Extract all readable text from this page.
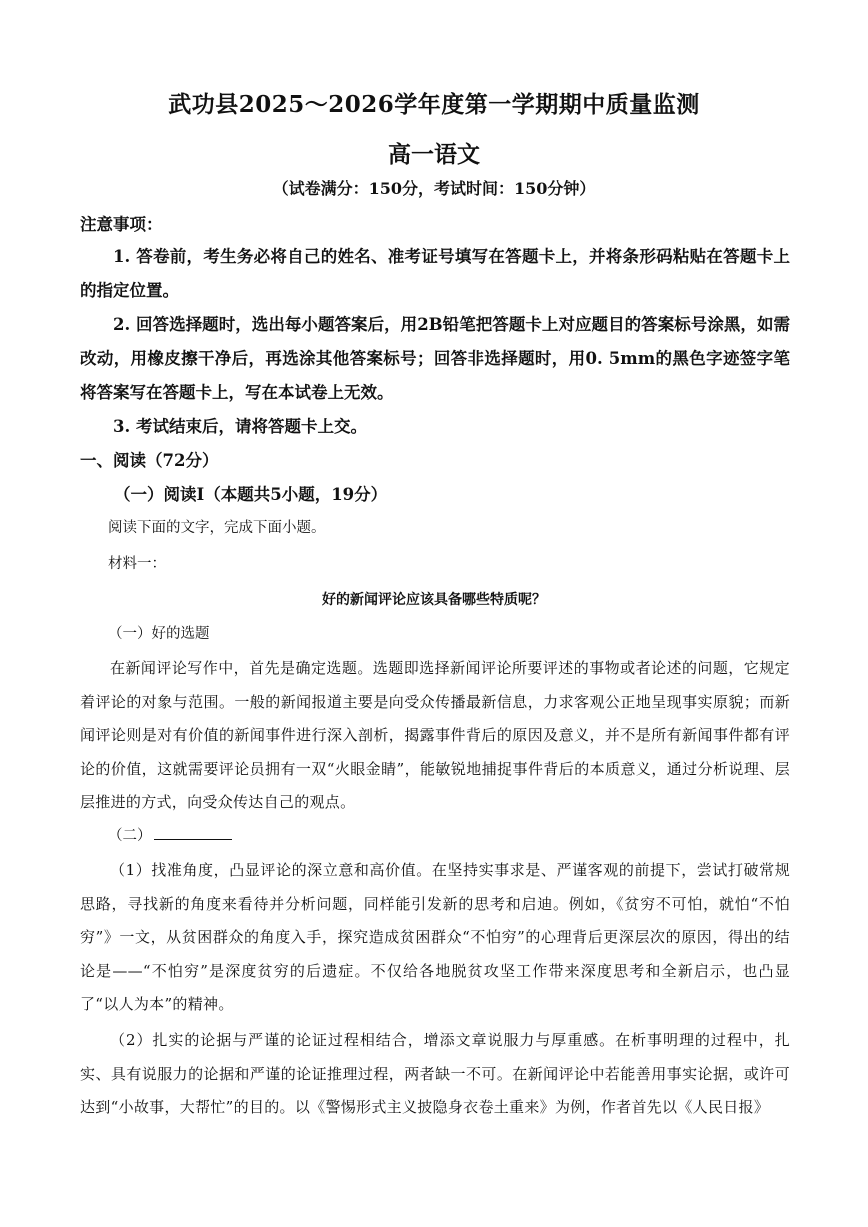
武功县2025～2026学年度第一学期期中质量监测
高一语文
（试卷满分：150分，考试时间：150分钟）
注意事项：
1. 答卷前，考生务必将自己的姓名、准考证号填写在答题卡上，并将条形码粘贴在答题卡上的指定位置。
2. 回答选择题时，选出每小题答案后，用2B铅笔把答题卡上对应题目的答案标号涂黑，如需改动，用橡皮擦干净后，再选涂其他答案标号；回答非选择题时，用0. 5mm的黑色字迹签字笔将答案写在答题卡上，写在本试卷上无效。
3. 考试结束后，请将答题卡上交。
一、阅读（72分）
（一）阅读Ⅰ（本题共5小题，19分）
阅读下面的文字，完成下面小题。
材料一：
好的新闻评论应该具备哪些特质呢？
（一）好的选题
在新闻评论写作中，首先是确定选题。选题即选择新闻评论所要评述的事物或者论述的问题，它规定着评论的对象与范围。一般的新闻报道主要是向受众传播最新信息，力求客观公正地呈现事实原貌；而新闻评论则是对有价值的新闻事件进行深入剖析，揭露事件背后的原因及意义，并不是所有新闻事件都有评论的价值，这就需要评论员拥有一双“火眼金睛”，能敏锐地捕捉事件背后的本质意义，通过分析说理、层层推进的方式，向受众传达自己的观点。
（二）
（1）找准角度，凸显评论的深立意和高价值。在坚持实事求是、严谨客观的前提下，尝试打破常规思路，寻找新的角度来看待并分析问题，同样能引发新的思考和启迪。例如，《贫穷不可怕，就怕“不怕穷”》一文，从贫困群众的角度入手，探究造成贫困群众“不怕穷”的心理背后更深层次的原因，得出的结论是——“不怕穷”是深度贫穷的后遗症。不仅给各地脱贫攻坚工作带来深度思考和全新启示，也凸显了“以人为本”的精神。
（2）扎实的论据与严谨的论证过程相结合，增添文章说服力与厚重感。在析事明理的过程中，扎实、具有说服力的论据和严谨的论证推理过程，两者缺一不可。在新闻评论中若能善用事实论据，或许可达到“小故事，大帮忙”的目的。以《警惕形式主义披隐身衣卷土重来》为例，作者首先以《人民日报》
